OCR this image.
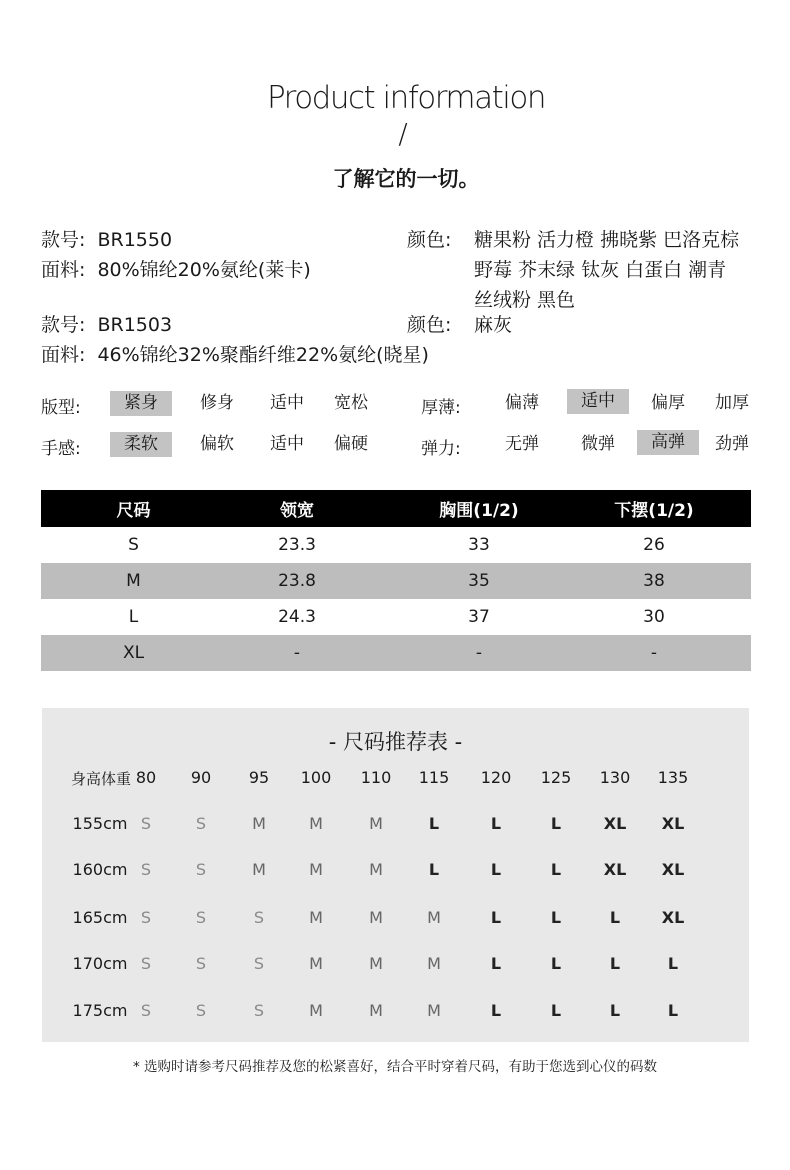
Product information
/
了解它的一切。
款号: BR1550
面料: 80%锦纶20%氨纶(莱卡)
颜色: 糖果粉 活力橙 拂晓紫 巴洛克棕
野莓 芥末绿 钛灰 白蛋白 潮青
丝绒粉 黑色
款号: BR1503
面料: 46%锦纶32%聚酯纤维22%氨纶(晓星)
颜色: 麻灰
版型:	紧身	修身	适中	宽松	厚薄:	偏薄	适中	偏厚	加厚
手感:	柔软	偏软	适中	偏硬	弹力:	无弹	微弹	高弹	劲弹
尺码	领宽	胸围(1/2)	下摆(1/2)
S	23.3	33	26
M	23.8	35	38
L	24.3	37	30
XL	-	-	-
- 尺码推荐表 -
身高体重 80	90	95	100	110	115	120	125	130	135
155cm S	S	M	M	M	L	L	L	XL	XL
160cm S	S	M	M	M	L	L	L	XL	XL
165cm S	S	S	M	M	M	L	L	L	XL
170cm S	S	S	M	M	M	L	L	L	L
175cm S	S	S	M	M	M	L	L	L	L
* 选购时请参考尺码推荐及您的松紧喜好，结合平时穿着尺码，有助于您选到心仪的码数
